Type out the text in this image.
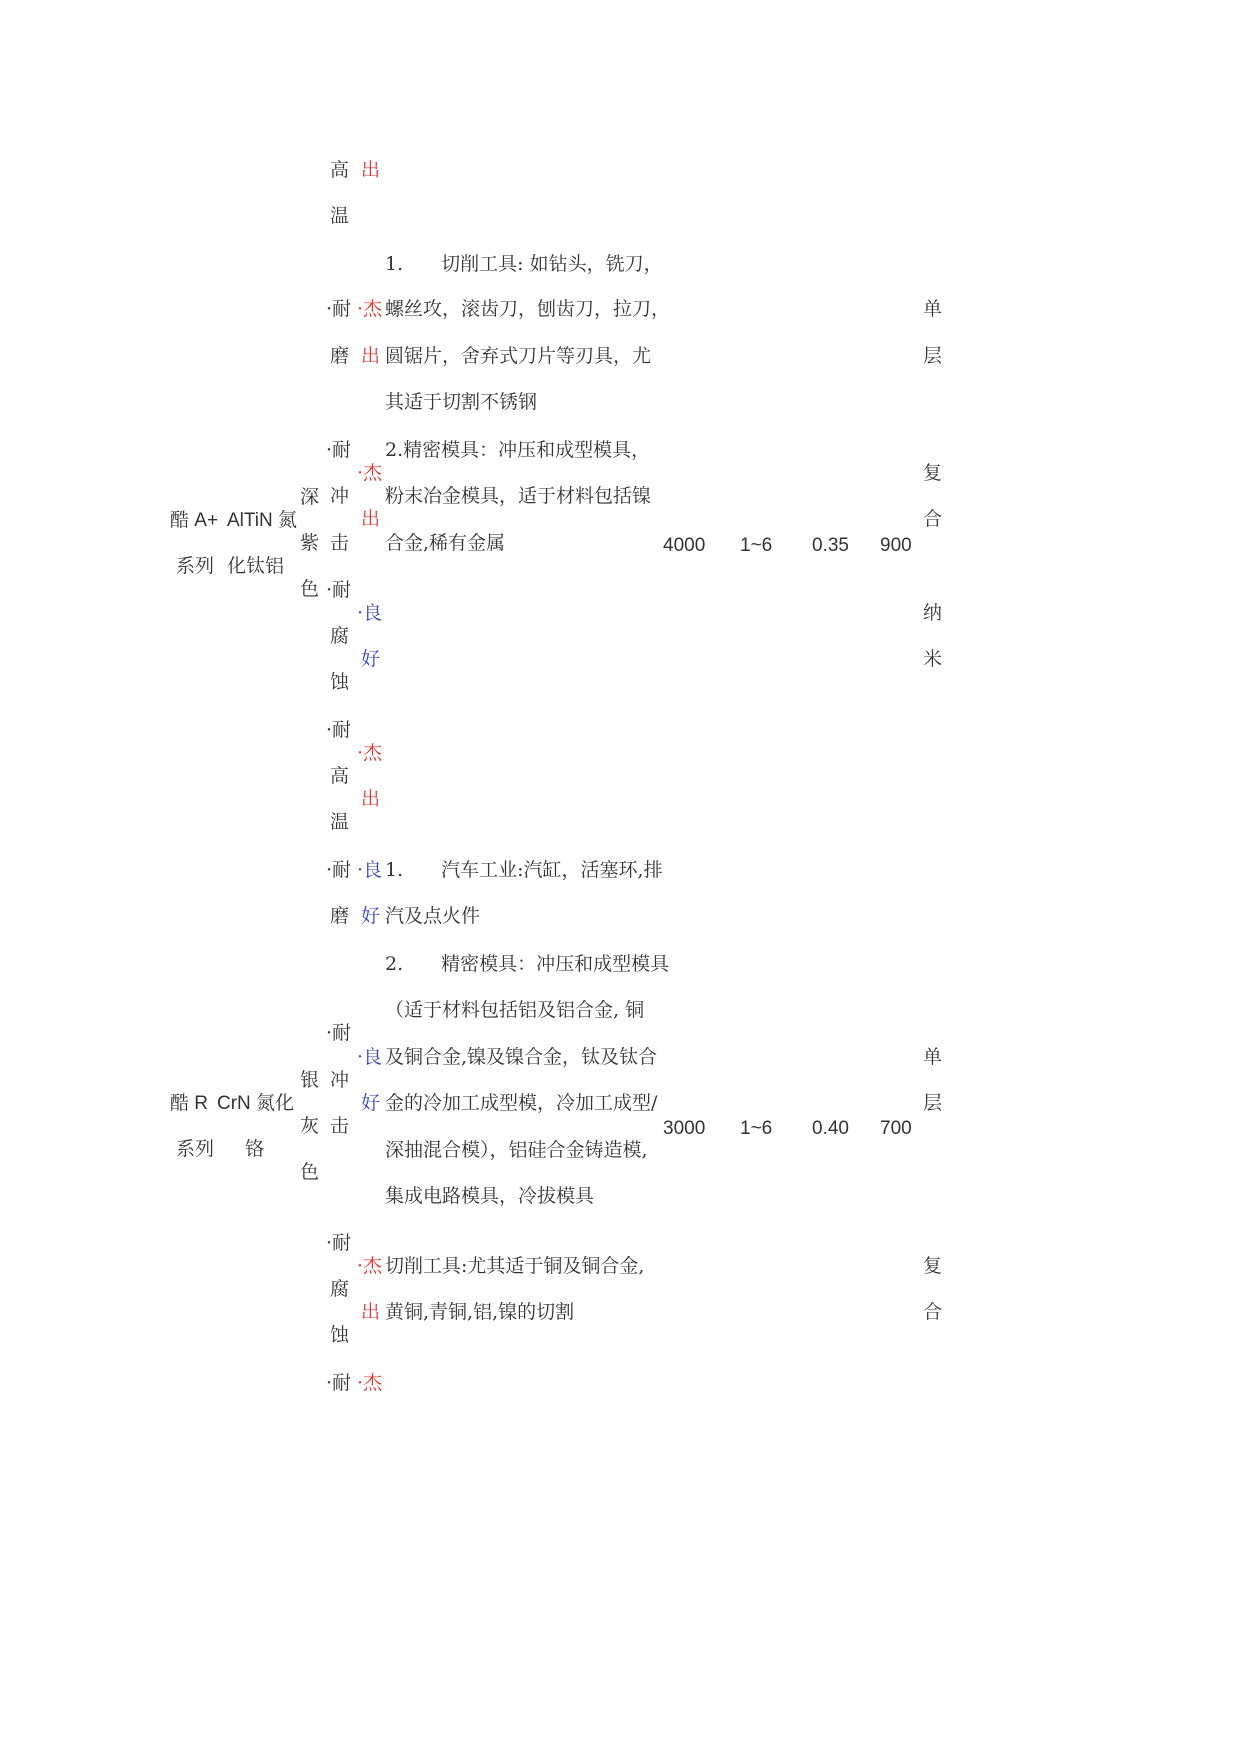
高 出
温
酷 A+
系列
AlTiN 氮
化钛铝
深
紫
色
·耐
磨
·耐
冲
击
·耐
腐
蚀
·耐
高
温
·杰
出
·杰
出
·良
好
·杰
出
1.　　切削工具: 如钻头，铣刀，
螺丝攻，滚齿刀，刨齿刀，拉刀，
圆锯片，舍弃式刀片等刃具，尤
其适于切割不锈钢
2.精密模具：冲压和成型模具，
粉末冶金模具，适于材料包括镍
合金,稀有金属	4000 1~6 0.35 900
单
层
复
合
纳
米
酷 R
系列
CrN 氮化
铬
银
灰
色
·耐
磨
·耐
冲
击
·耐
腐
蚀
·耐
·良
好
·良
好
·杰
出
·杰
1.　　汽车工业:汽缸，活塞环,排
汽及点火件
2.　　精密模具：冲压和成型模具
（适于材料包括铝及铝合金, 铜
及铜合金,镍及镍合金，钛及钛合
金的冷加工成型模，冷加工成型/
深抽混合模），铝硅合金铸造模,
集成电路模具，冷拔模具
切削工具:尤其适于铜及铜合金,
黄铜,青铜,铝,镍的切割
3000 1~6 0.40 700
单
层
复
合
